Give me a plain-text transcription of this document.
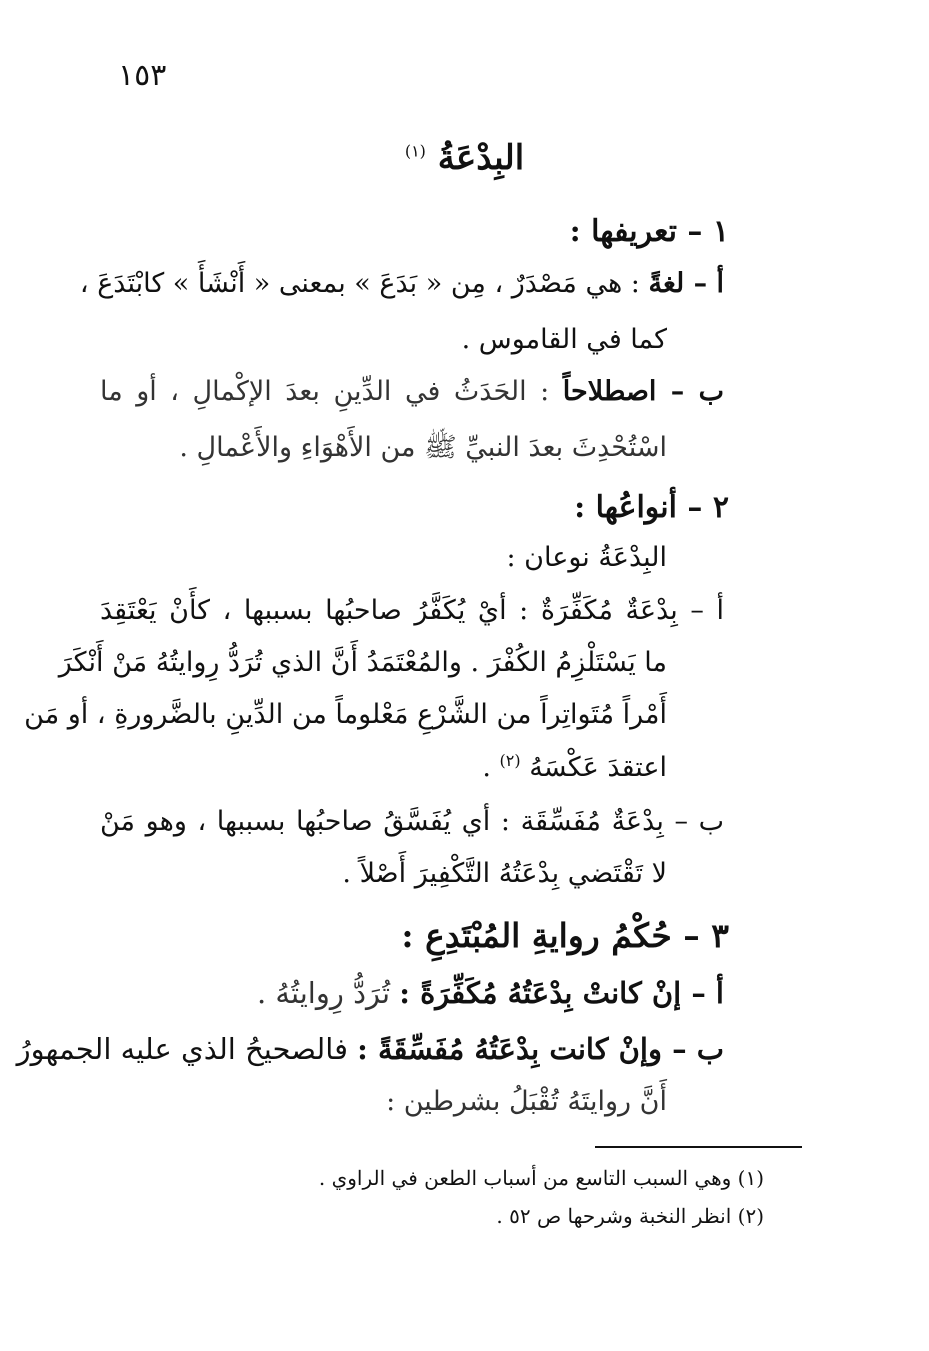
١٥٣
البِدْعَةُ $^{(١)}$
١ – تعريفها :
أ – لغةً : هي مَصْدَرٌ ، مِن « بَدَعَ » بمعنى « أَنْشَأَ » كابْتَدَعَ ،
كما في القاموس .
ب – اصطلاحاً : الحَدَثُ في الدِّينِ بعدَ الإكْمالِ ، أو ما
اسْتُحْدِثَ بعدَ النبيِّ ﷺ من الأَهْوَاءِ والأَعْمالِ .
٢ – أنواعُها :
البِدْعَةُ نوعان :
أ – بِدْعَةٌ مُكَفِّرَةٌ : أيْ يُكَفَّرُ صاحبُها بسببها ، كأَنْ يَعْتَقِدَ
ما يَسْتَلْزِمُ الكُفْرَ . والمُعْتَمَدُ أَنَّ الذي تُرَدُّ رِوايتُهُ مَنْ أَنْكَرَ
أَمْراً مُتَواتِراً من الشَّرْعِ مَعْلوماً من الدِّينِ بالضَّرورةِ ، أو مَن
اعتقدَ عَكْسَهُ $^{(٢)}$ .
ب – بِدْعَةٌ مُفَسِّقَة : أي يُفَسَّقُ صاحبُها بسببها ، وهو مَنْ
لا تَقْتَضي بِدْعَتُهُ التَّكْفِيرَ أَصْلاً .
٣ – حُكْمُ روايةِ المُبْتَدِعِ :
أ – إنْ كانتْ بِدْعَتُهُ مُكَفِّرَةً : تُرَدُّ رِوايتُهُ .
ب – وإنْ كانت بِدْعَتُهُ مُفَسِّقَةً : فالصحيحُ الذي عليه الجمهورُ
أَنَّ روايتَهُ تُقْبَلُ بشرطين :
(١) وهي السبب التاسع من أسباب الطعن في الراوي .
(٢) انظر النخبة وشرحها ص ٥٢ .
